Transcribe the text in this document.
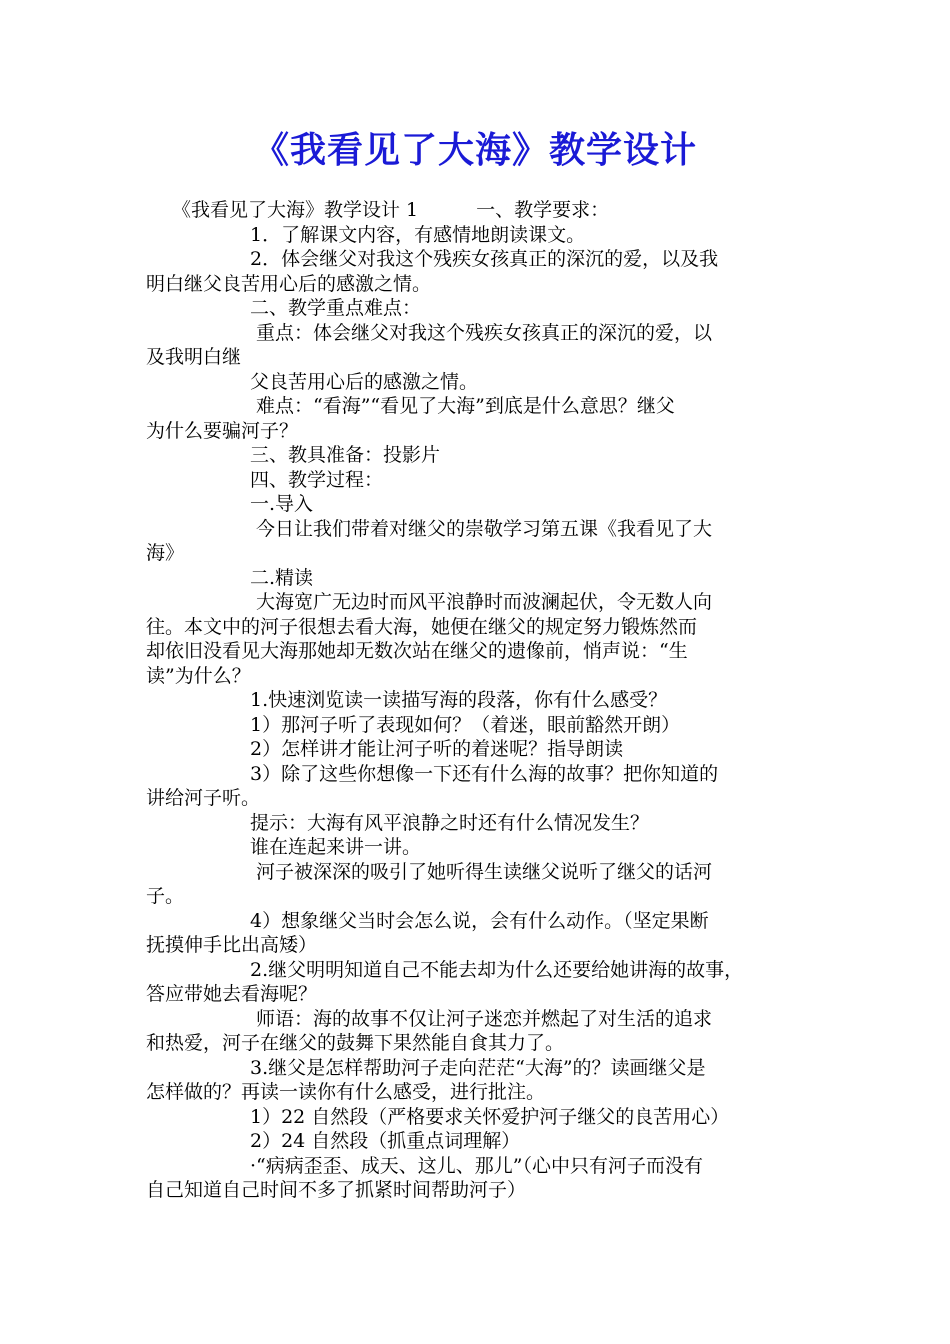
《我看见了大海》教学设计

《我看见了大海》教学设计 1	一、教学要求：

1．了解课文内容，有感情地朗读课文。

2．体会继父对我这个残疾女孩真正的深沉的爱，以及我

明白继父良苦用心后的感激之情。

二、教学重点难点：

重点：体会继父对我这个残疾女孩真正的深沉的爱，以

及我明白继

父良苦用心后的感激之情。

难点：“看海”“看见了大海”到底是什么意思？继父

为什么要骗河子？

三、教具准备：投影片

四、教学过程：

一.导入

今日让我们带着对继父的崇敬学习第五课《我看见了大

海》

二.精读

大海宽广无边时而风平浪静时而波澜起伏，令无数人向

往。本文中的河子很想去看大海，她便在继父的规定努力锻炼然而

却依旧没看见大海那她却无数次站在继父的遗像前，悄声说：“生

读”为什么？

1.快速浏览读一读描写海的段落，你有什么感受？

1）那河子听了表现如何？（着迷，眼前豁然开朗）

2）怎样讲才能让河子听的着迷呢？指导朗读

3）除了这些你想像一下还有什么海的故事？把你知道的

讲给河子听。

提示：大海有风平浪静之时还有什么情况发生？

谁在连起来讲一讲。

河子被深深的吸引了她听得生读继父说听了继父的话河

子。

4）想象继父当时会怎么说，会有什么动作。（坚定果断

抚摸伸手比出高矮）

2.继父明明知道自己不能去却为什么还要给她讲海的故事，

答应带她去看海呢？

师语：海的故事不仅让河子迷恋并燃起了对生活的追求

和热爱，河子在继父的鼓舞下果然能自食其力了。

3.继父是怎样帮助河子走向茫茫“大海”的？读画继父是

怎样做的？再读一读你有什么感受，进行批注。

1）22 自然段（严格要求关怀爱护河子继父的良苦用心）

2）24 自然段（抓重点词理解）

·“病病歪歪、成天、这儿、那儿”（心中只有河子而没有

自己知道自己时间不多了抓紧时间帮助河子）
